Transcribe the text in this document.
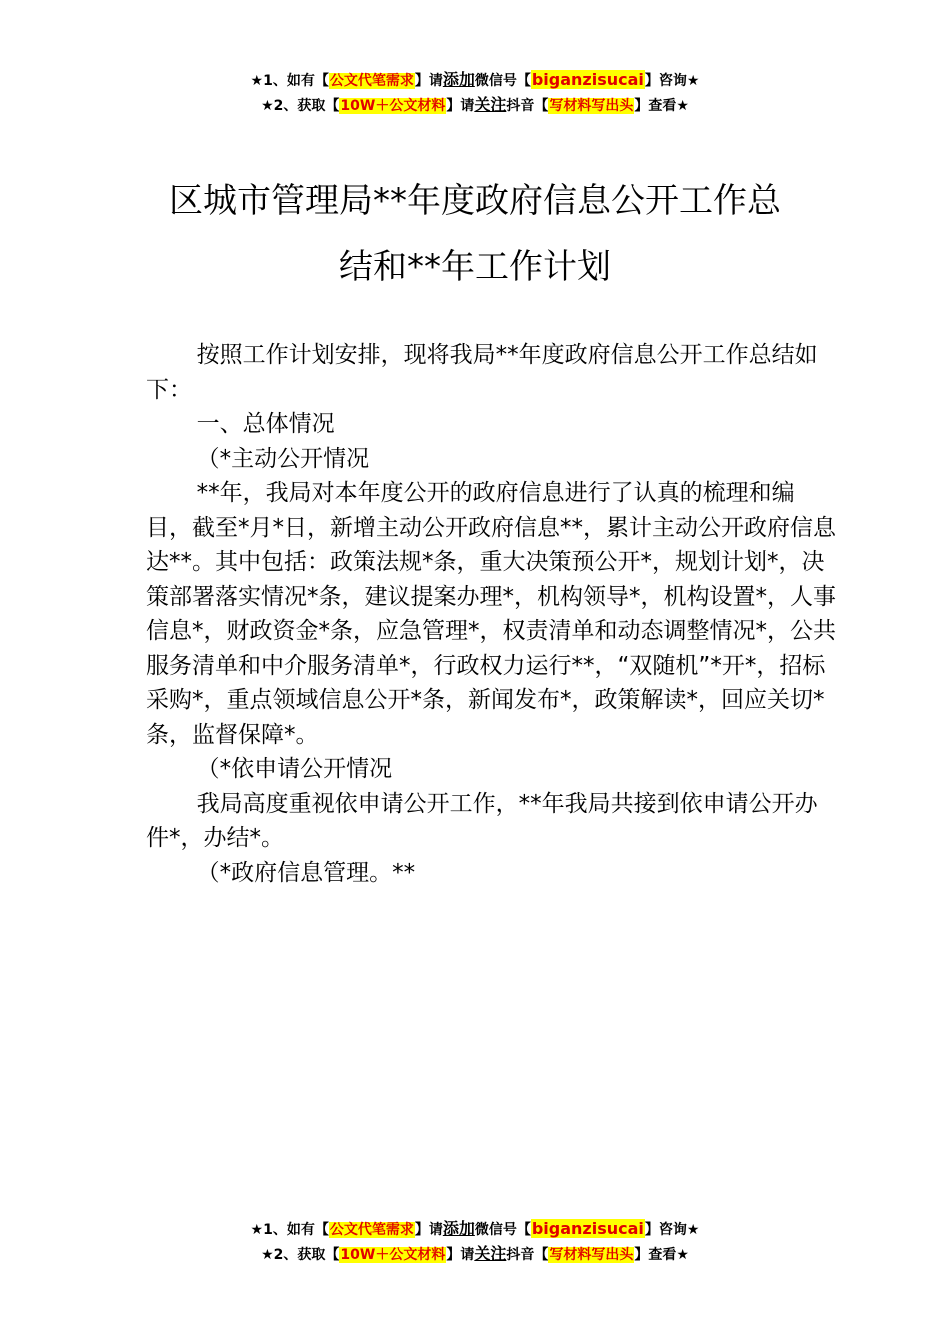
★1、如有【公文代笔需求】请添加微信号【biganzisucai】咨询★
★2、获取【10W＋公文材料】请关注抖音【写材料写出头】查看★
区城市管理局**年度政府信息公开工作总
结和**年工作计划

按照工作计划安排，现将我局**年度政府信息公开工作总结如下：

一、总体情况

（*主动公开情况

**年，我局对本年度公开的政府信息进行了认真的梳理和编目，截至*月*日，新增主动公开政府信息**，累计主动公开政府信息达**。其中包括：政策法规*条，重大决策预公开*，规划计划*，决策部署落实情况*条，建议提案办理*，机构领导*，机构设置*，人事信息*，财政资金*条，应急管理*，权责清单和动态调整情况*，公共服务清单和中介服务清单*，行政权力运行**，“双随机”*开*，招标采购*，重点领域信息公开*条，新闻发布*，政策解读*，回应关切*条，监督保障*。

（*依申请公开情况

我局高度重视依申请公开工作，**年我局共接到依申请公开办件*，办结*。

（*政府信息管理。**

★1、如有【公文代笔需求】请添加微信号【biganzisucai】咨询★
★2、获取【10W＋公文材料】请关注抖音【写材料写出头】查看★
